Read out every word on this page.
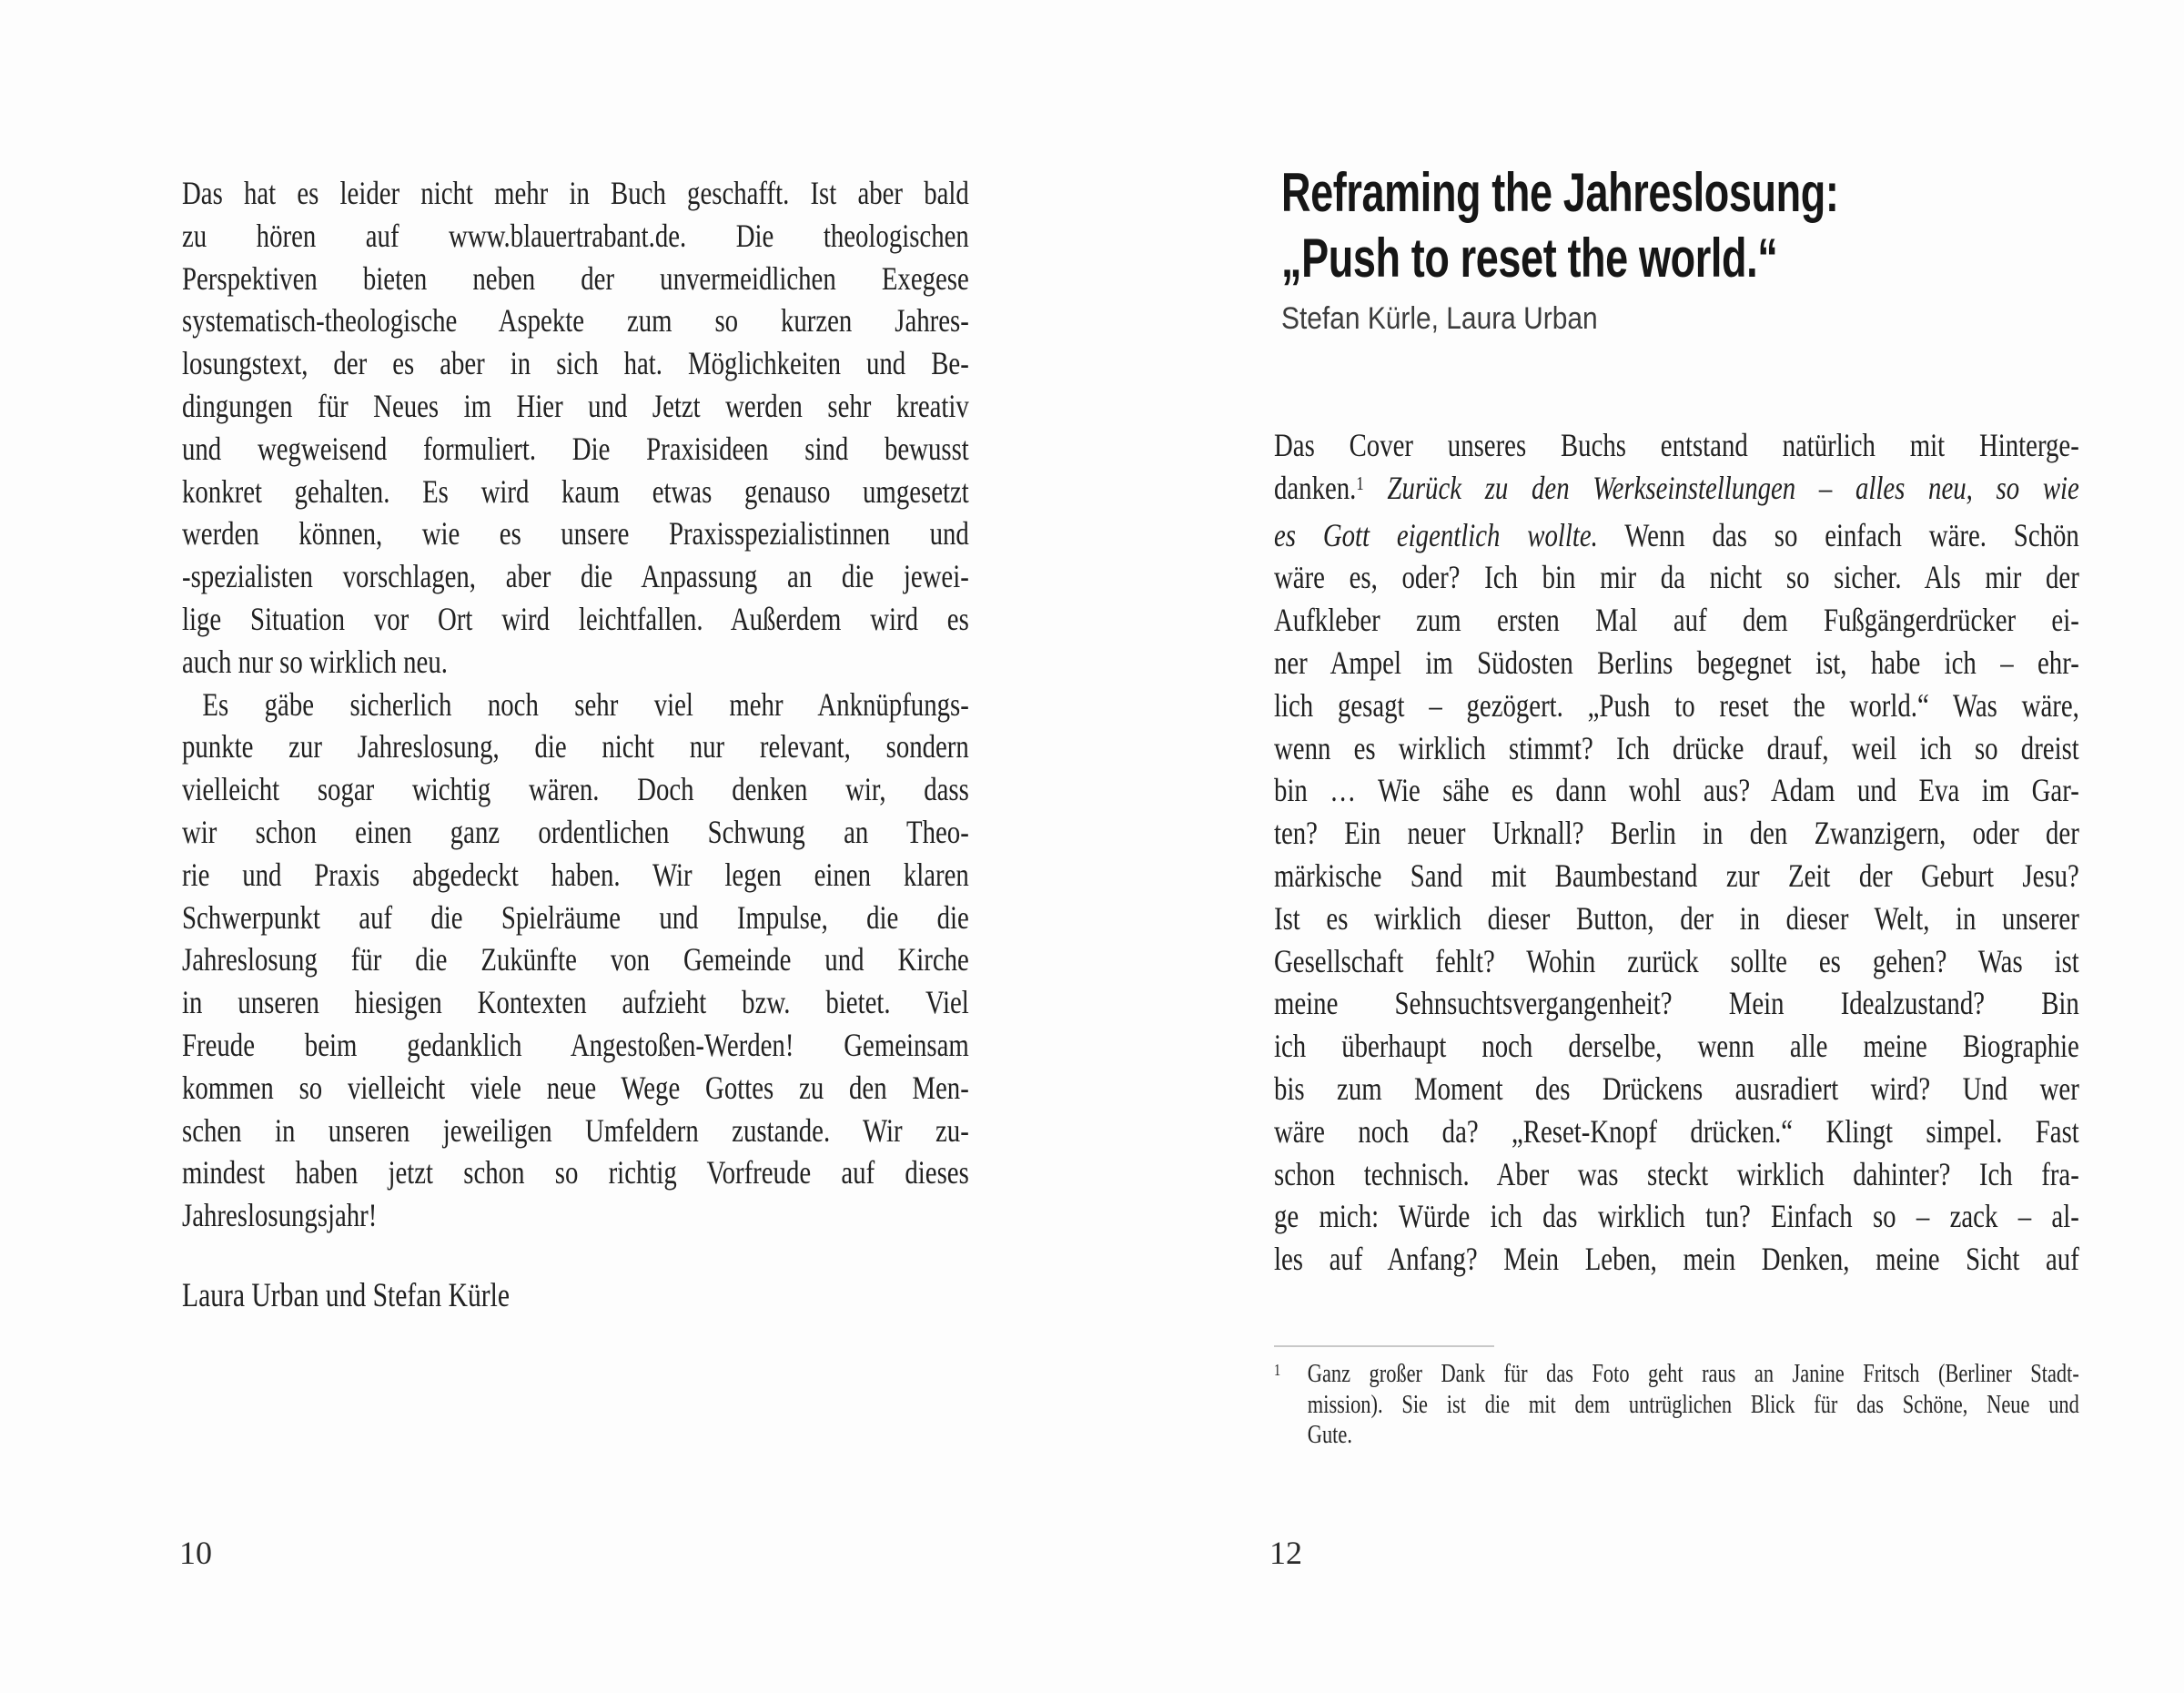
Das hat es leider nicht mehr in Buch geschafft. Ist aber bald
zu hören auf www.blauertrabant.de. Die theologischen
Perspektiven bieten neben der unvermeidlichen Exegese
systematisch-theologische Aspekte zum so kurzen Jahres-
losungstext, der es aber in sich hat. Möglichkeiten und Be-
dingungen für Neues im Hier und Jetzt werden sehr kreativ
und wegweisend formuliert. Die Praxisideen sind bewusst
konkret gehalten. Es wird kaum etwas genauso umgesetzt
werden können, wie es unsere Praxisspezialistinnen und
-spezialisten vorschlagen, aber die Anpassung an die jewei-
lige Situation vor Ort wird leichtfallen. Außerdem wird es
auch nur so wirklich neu.
Es gäbe sicherlich noch sehr viel mehr Anknüpfungs-
punkte zur Jahreslosung, die nicht nur relevant, sondern
vielleicht sogar wichtig wären. Doch denken wir, dass
wir schon einen ganz ordentlichen Schwung an Theo-
rie und Praxis abgedeckt haben. Wir legen einen klaren
Schwerpunkt auf die Spielräume und Impulse, die die
Jahreslosung für die Zukünfte von Gemeinde und Kirche
in unseren hiesigen Kontexten aufzieht bzw. bietet. Viel
Freude beim gedanklich Angestoßen-Werden! Gemeinsam
kommen so vielleicht viele neue Wege Gottes zu den Men-
schen in unseren jeweiligen Umfeldern zustande. Wir zu-
mindest haben jetzt schon so richtig Vorfreude auf dieses
Jahreslosungsjahr!
Laura Urban und Stefan Kürle
10
Reframing the Jahreslosung:
„Push to reset the world.“
Stefan Kürle, Laura Urban
Das Cover unseres Buchs entstand natürlich mit Hinterge-
danken.$^1$ Zurück zu den Werkseinstellungen – alles neu, so wie
es Gott eigentlich wollte. Wenn das so einfach wäre. Schön
wäre es, oder? Ich bin mir da nicht so sicher. Als mir der
Aufkleber zum ersten Mal auf dem Fußgängerdrücker ei-
ner Ampel im Südosten Berlins begegnet ist, habe ich – ehr-
lich gesagt – gezögert. „Push to reset the world.“ Was wäre,
wenn es wirklich stimmt? Ich drücke drauf, weil ich so dreist
bin … Wie sähe es dann wohl aus? Adam und Eva im Gar-
ten? Ein neuer Urknall? Berlin in den Zwanzigern, oder der
märkische Sand mit Baumbestand zur Zeit der Geburt Jesu?
Ist es wirklich dieser Button, der in dieser Welt, in unserer
Gesellschaft fehlt? Wohin zurück sollte es gehen? Was ist
meine Sehnsuchtsvergangenheit? Mein Idealzustand? Bin
ich überhaupt noch derselbe, wenn alle meine Biographie
bis zum Moment des Drückens ausradiert wird? Und wer
wäre noch da? „Reset-Knopf drücken.“ Klingt simpel. Fast
schon technisch. Aber was steckt wirklich dahinter? Ich fra-
ge mich: Würde ich das wirklich tun? Einfach so – zack – al-
les auf Anfang? Mein Leben, mein Denken, meine Sicht auf
1	Ganz großer Dank für das Foto geht raus an Janine Fritsch (Berliner Stadt-
mission). Sie ist die mit dem untrüglichen Blick für das Schöne, Neue und
Gute.
12
